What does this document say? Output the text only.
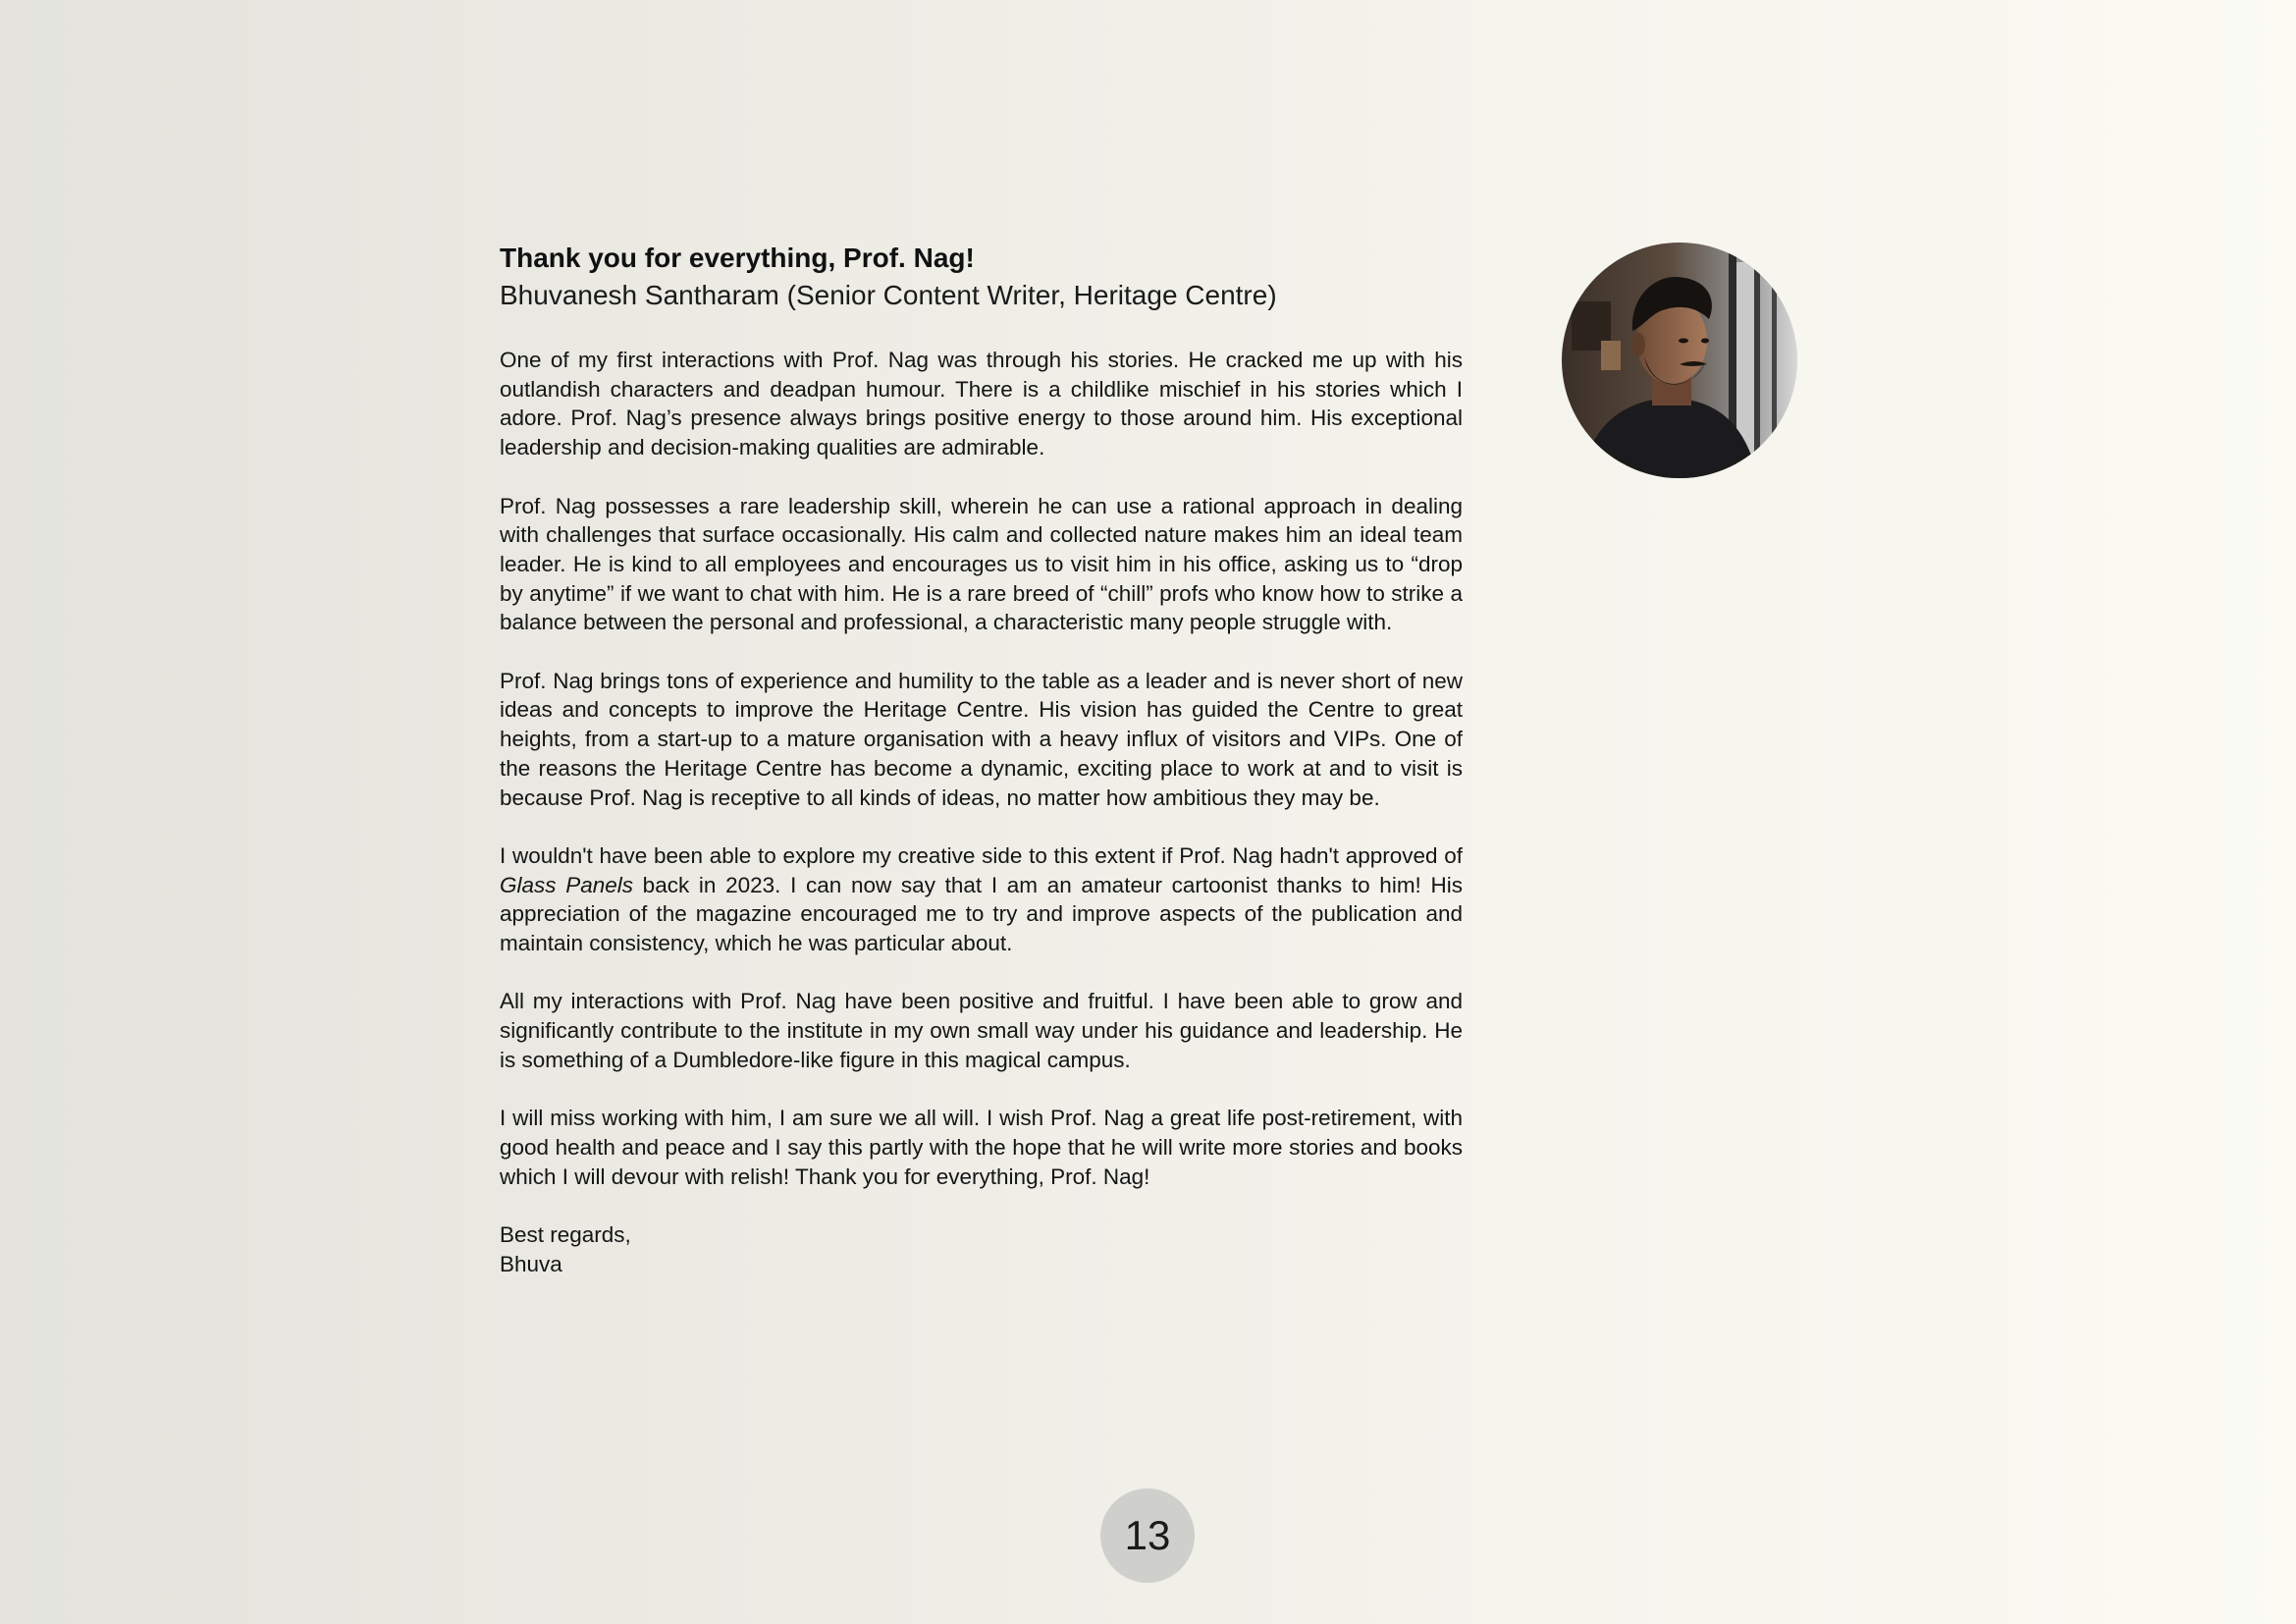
Thank you for everything, Prof. Nag!

Bhuvanesh Santharam (Senior Content Writer, Heritage Centre)

One of my first interactions with Prof. Nag was through his stories. He cracked me up with his outlandish characters and deadpan humour. There is a childlike mischief in his stories which I adore. Prof. Nag’s presence always brings positive energy to those around him. His exceptional leadership and decision-making qualities are admirable.

Prof. Nag possesses a rare leadership skill, wherein he can use a rational approach in dealing with challenges that surface occasionally. His calm and collected nature makes him an ideal team leader. He is kind to all employees and encourages us to visit him in his office, asking us to “drop by anytime” if we want to chat with him. He is a rare breed of “chill” profs who know how to strike a balance between the personal and professional, a characteristic many people struggle with.

Prof. Nag brings tons of experience and humility to the table as a leader and is never short of new ideas and concepts to improve the Heritage Centre. His vision has guided the Centre to great heights, from a start-up to a mature organisation with a heavy influx of visitors and VIPs. One of the reasons the Heritage Centre has become a dynamic, exciting place to work at and to visit is because Prof. Nag is receptive to all kinds of ideas, no matter how ambitious they may be.

I wouldn't have been able to explore my creative side to this extent if Prof. Nag hadn't approved of Glass Panels back in 2023. I can now say that I am an amateur cartoonist thanks to him! His appreciation of the magazine encouraged me to try and improve aspects of the publication and maintain consistency, which he was particular about.

All my interactions with Prof. Nag have been positive and fruitful. I have been able to grow and significantly contribute to the institute in my own small way under his guidance and leadership. He is something of a Dumbledore-like figure in this magical campus.

I will miss working with him, I am sure we all will. I wish Prof. Nag a great life post-retirement, with good health and peace and I say this partly with the hope that he will write more stories and books which I will devour with relish! Thank you for everything, Prof. Nag!

Best regards,

Bhuva

13
